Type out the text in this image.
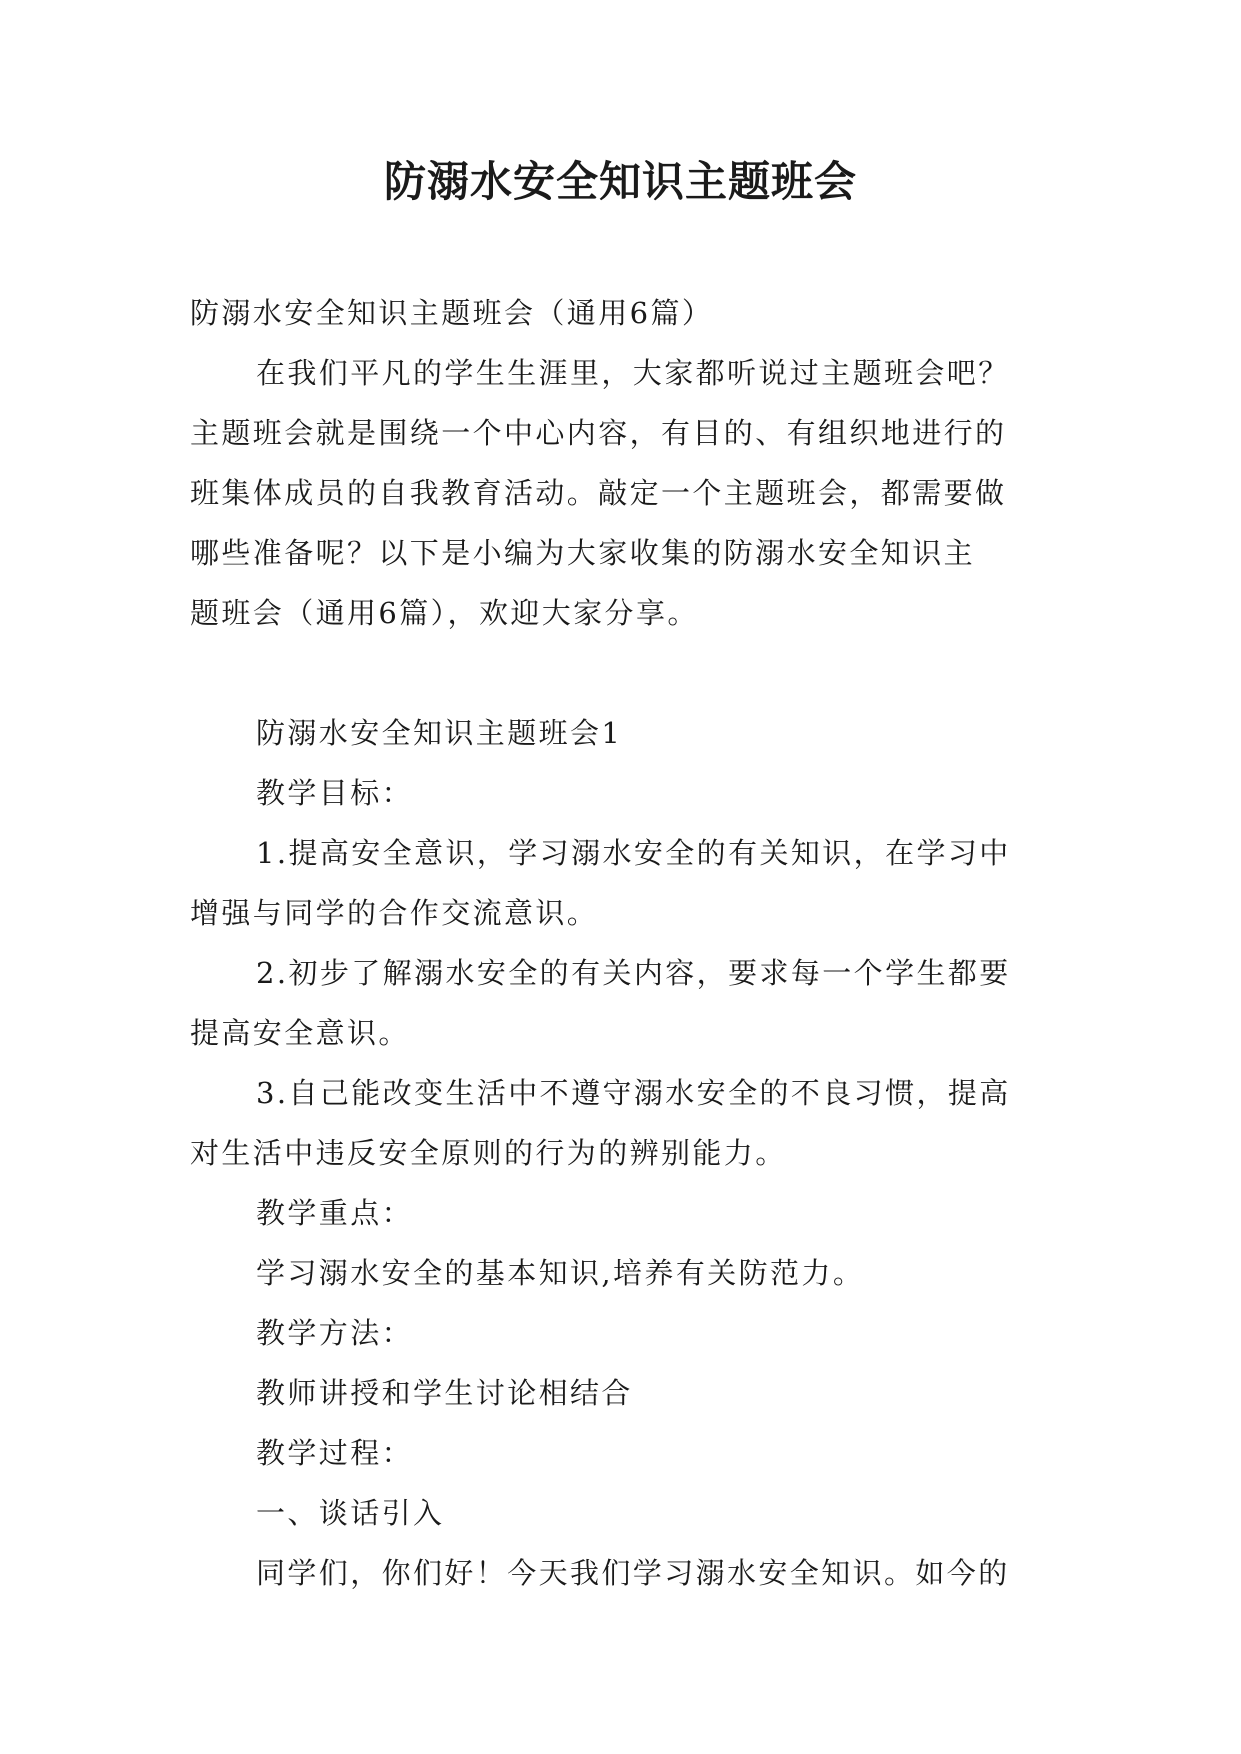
防溺水安全知识主题班会
防溺水安全知识主题班会（通用6篇）
在我们平凡的学生生涯里，大家都听说过主题班会吧？
主题班会就是围绕一个中心内容，有目的、有组织地进行的
班集体成员的自我教育活动。敲定一个主题班会，都需要做
哪些准备呢？以下是小编为大家收集的防溺水安全知识主
题班会（通用6篇），欢迎大家分享。
防溺水安全知识主题班会1
教学目标：
1.提高安全意识，学习溺水安全的有关知识，在学习中
增强与同学的合作交流意识。
2.初步了解溺水安全的有关内容，要求每一个学生都要
提高安全意识。
3.自己能改变生活中不遵守溺水安全的不良习惯，提高
对生活中违反安全原则的行为的辨别能力。
教学重点：
学习溺水安全的基本知识,培养有关防范力。
教学方法：
教师讲授和学生讨论相结合
教学过程：
一、谈话引入
同学们，你们好！今天我们学习溺水安全知识。如今的
